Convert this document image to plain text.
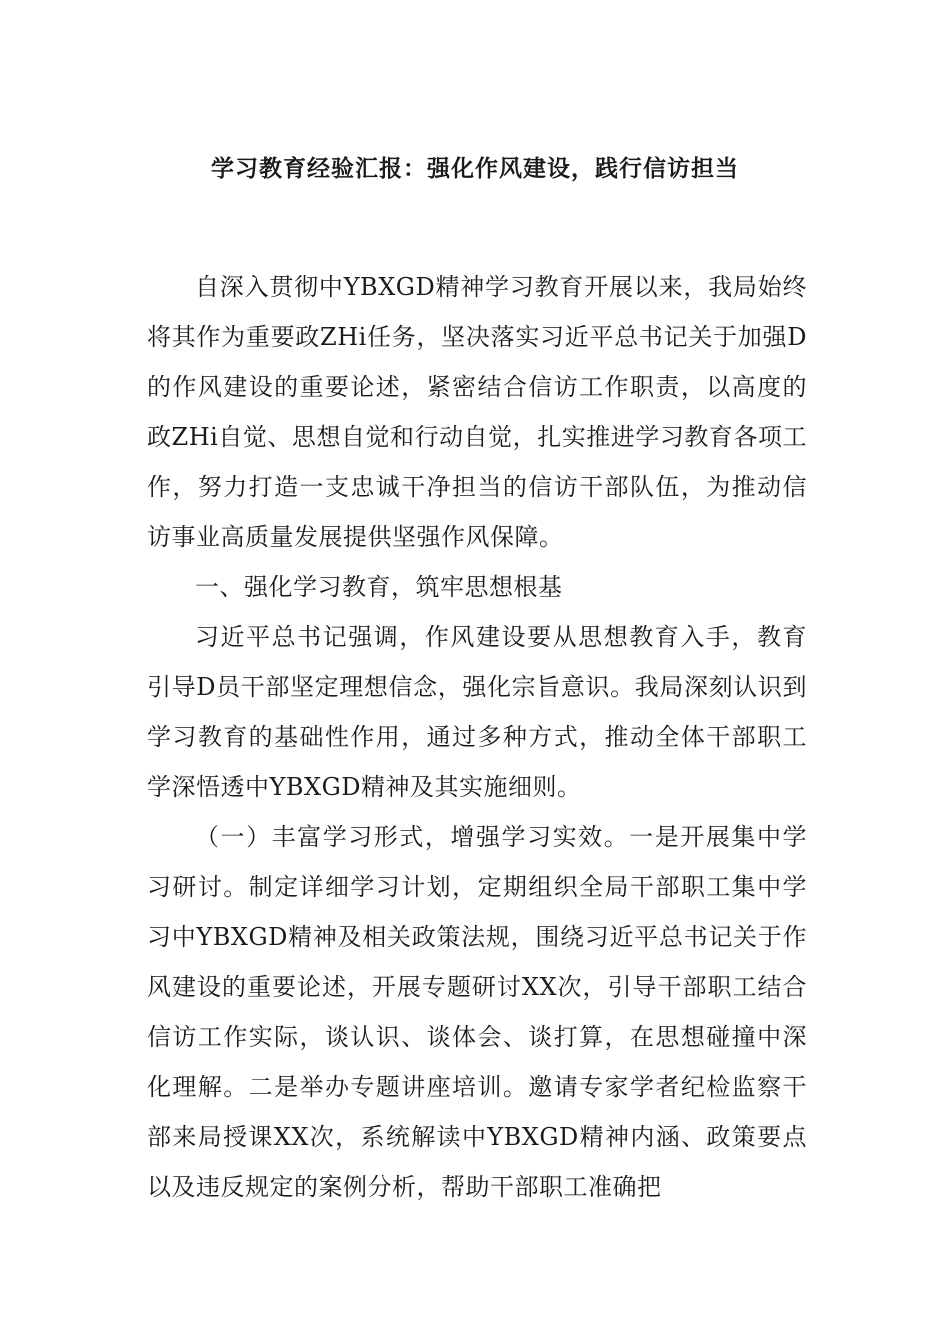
学习教育经验汇报：强化作风建设，践行信访担当

自深入贯彻中YBXGD精神学习教育开展以来，我局始终将其作为重要政ZHi任务，坚决落实习近平总书记关于加强D的作风建设的重要论述，紧密结合信访工作职责，以高度的政ZHi自觉、思想自觉和行动自觉，扎实推进学习教育各项工作，努力打造一支忠诚干净担当的信访干部队伍，为推动信访事业高质量发展提供坚强作风保障。

一、强化学习教育，筑牢思想根基

习近平总书记强调，作风建设要从思想教育入手，教育引导D员干部坚定理想信念，强化宗旨意识。我局深刻认识到学习教育的基础性作用，通过多种方式，推动全体干部职工学深悟透中YBXGD精神及其实施细则。

（一）丰富学习形式，增强学习实效。一是开展集中学习研讨。制定详细学习计划，定期组织全局干部职工集中学习中YBXGD精神及相关政策法规，围绕习近平总书记关于作风建设的重要论述，开展专题研讨XX次，引导干部职工结合信访工作实际，谈认识、谈体会、谈打算，在思想碰撞中深化理解。二是举办专题讲座培训。邀请专家学者纪检监察干部来局授课XX次，系统解读中YBXGD精神内涵、政策要点以及违反规定的案例分析，帮助干部职工准确把
